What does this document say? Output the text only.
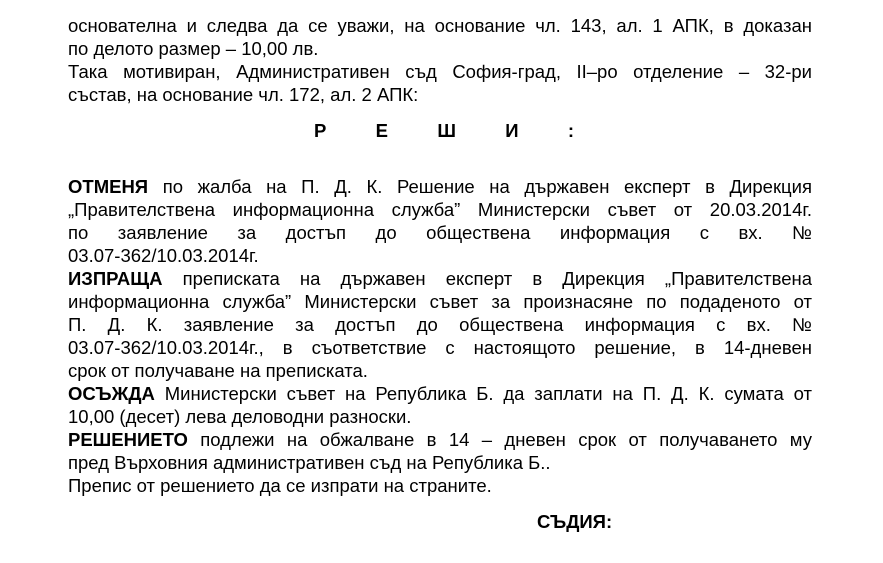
основателна и следва да се уважи, на основание чл. 143, ал. 1 АПК, в доказан
по делото размер – 10,00 лв.
Така мотивиран, Административен съд София-град, II–ро отделение – 32-ри
състав, на основание чл. 172, ал. 2 АПК:
ОТМЕНЯ по жалба на П. Д. К. Решение на държавен експерт в Дирекция
„Правителствена информационна служба” Министерски съвет от 20.03.2014г.
по заявление за достъп до обществена информация с вх. №
03.07-362/10.03.2014г.
ИЗПРАЩА преписката на държавен експерт в Дирекция „Правителствена
информационна служба” Министерски съвет за произнасяне по подаденото от
П. Д. К. заявление за достъп до обществена информация с вх. №
03.07-362/10.03.2014г., в съответствие с настоящото решение, в 14-дневен
срок от получаване на преписката.
ОСЪЖДА Министерски съвет на Република Б. да заплати на П. Д. К. сумата от
10,00 (десет) лева деловодни разноски.
РЕШЕНИЕТО подлежи на обжалване в 14 – дневен срок от получаването му
пред Върховния административен съд на Република Б..
Препис от решението да се изпрати на страните.
Р	Е	Ш	И	:
СЪДИЯ:
